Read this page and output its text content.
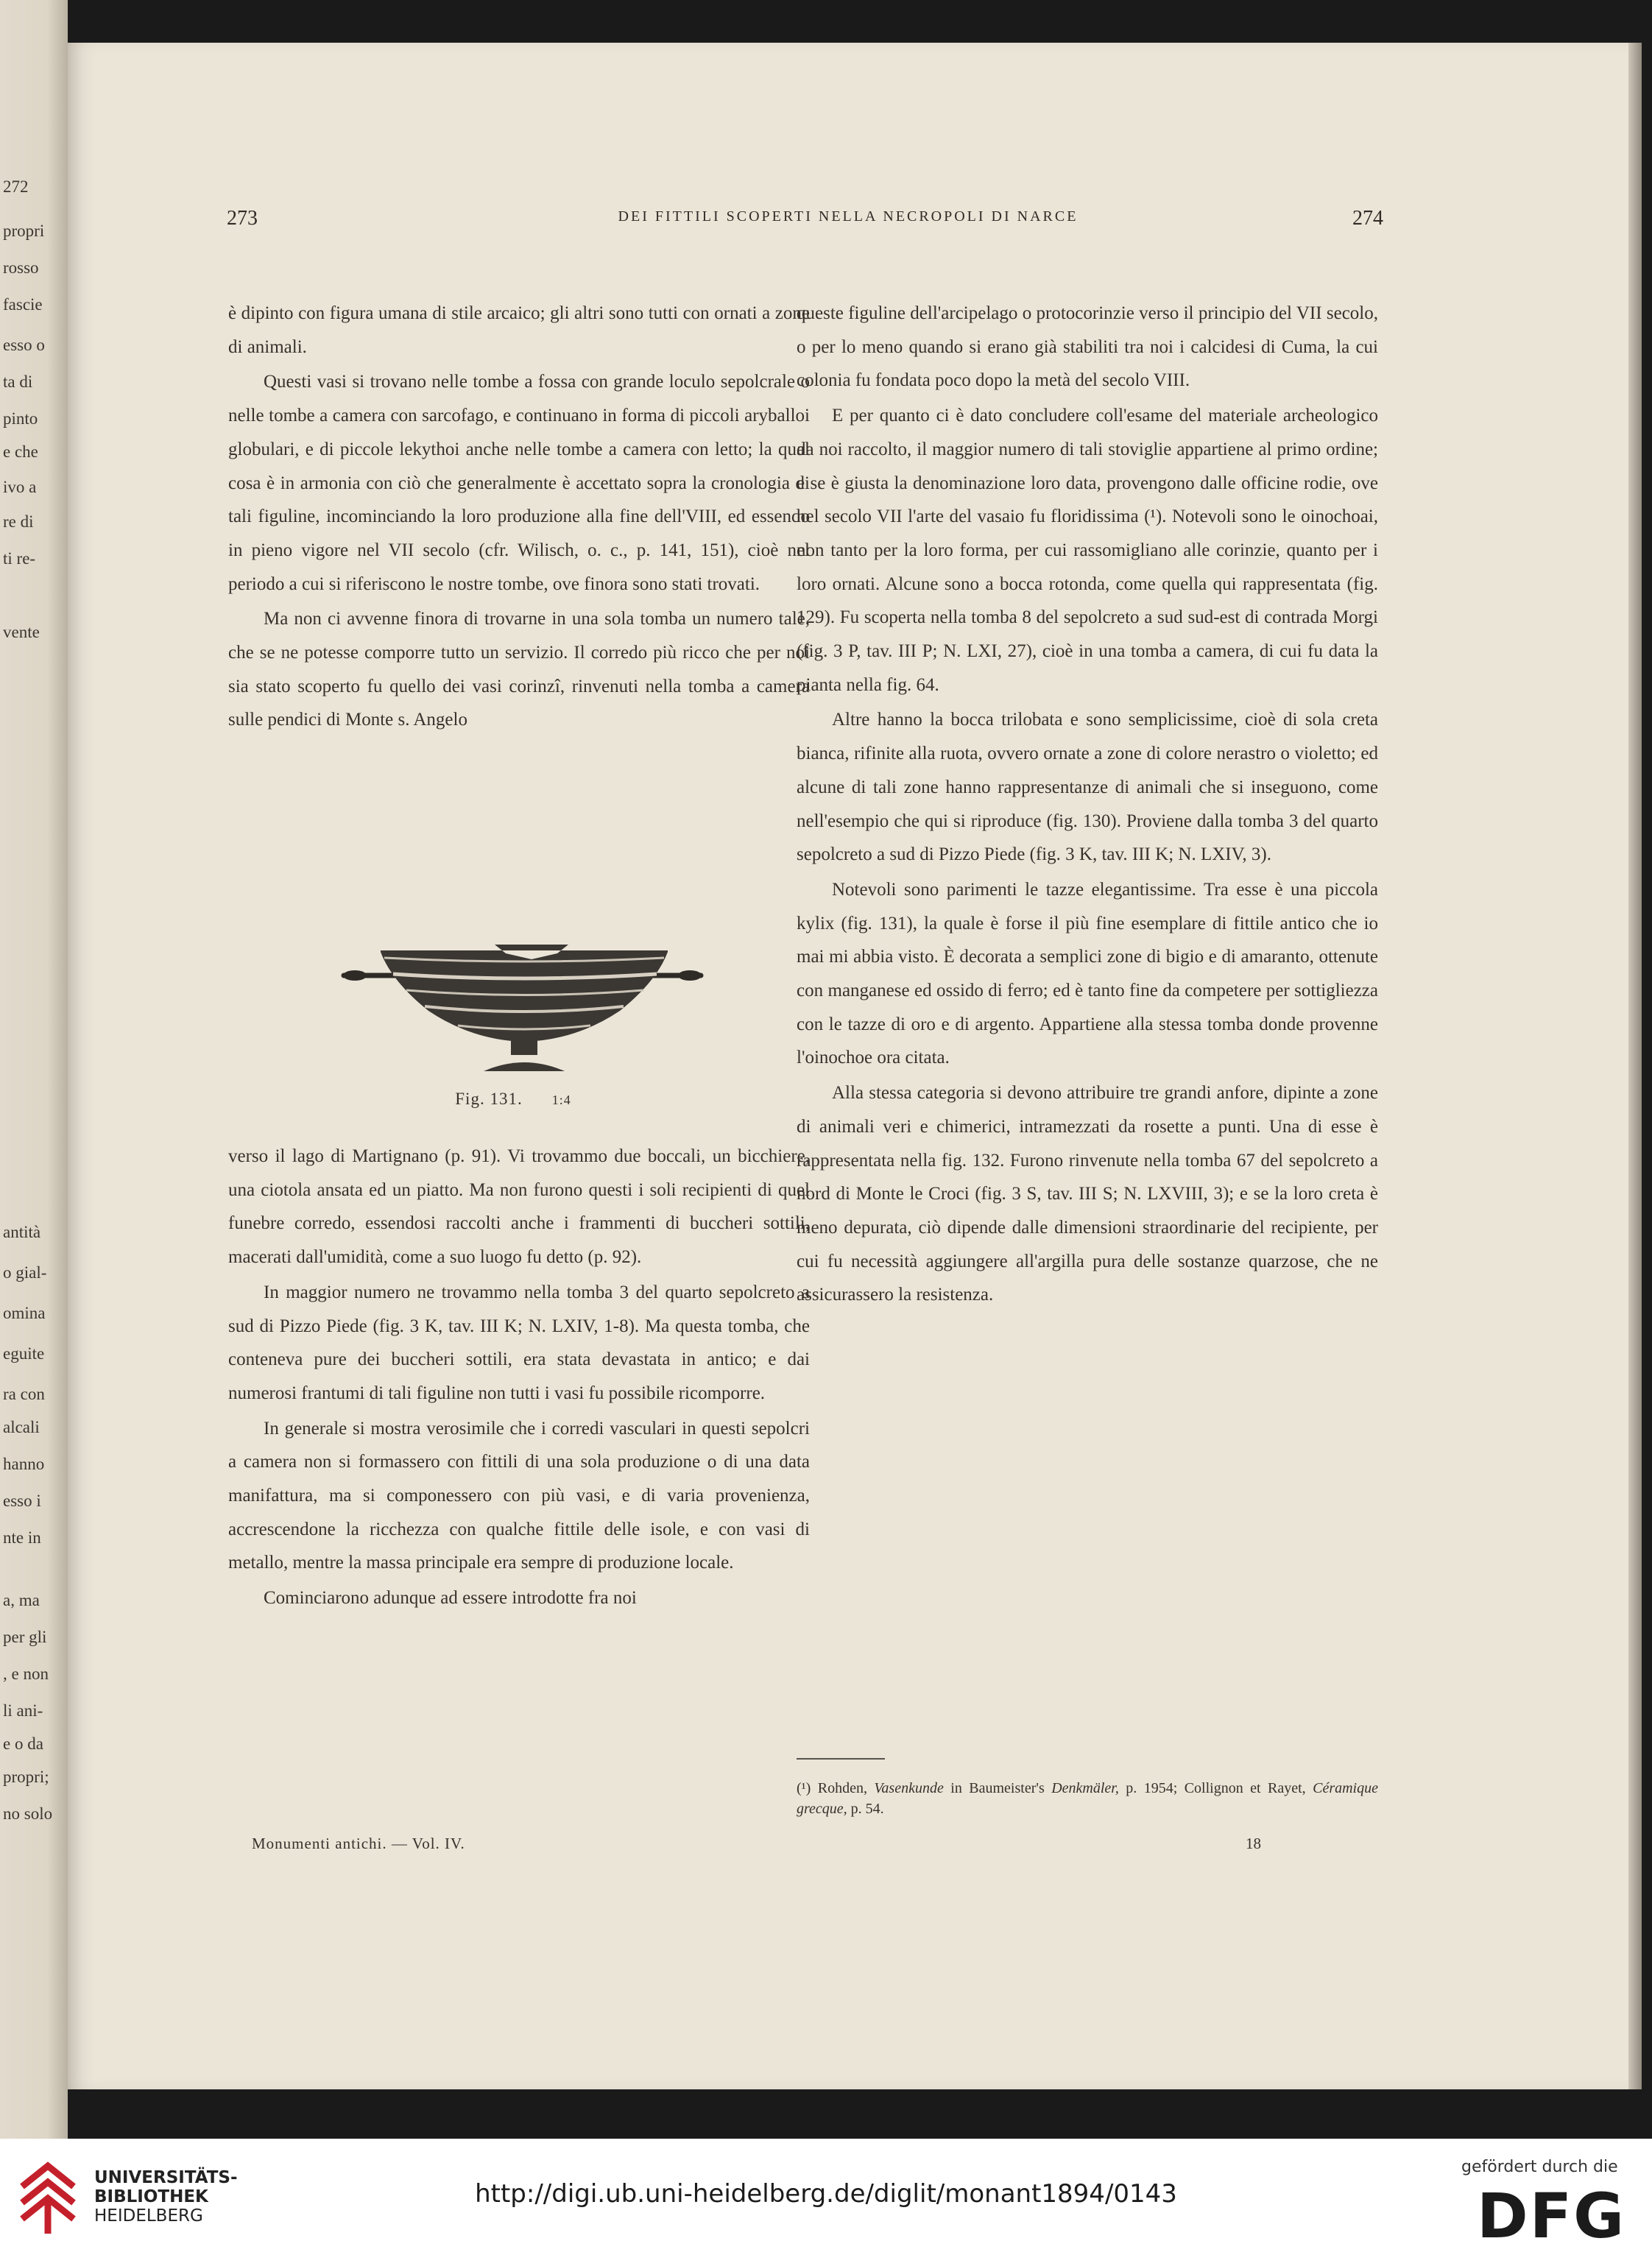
272
propri
rosso
fascie
esso o
ta di
pinto
e che
ivo a
re di
ti re-
vente
antità
o gial-
omina
eguite
ra con
alcali
hanno
esso i
nte in
a, ma
per gli
, e non
li ani-
e o da
propri;
no solo
273	DEI FITTILI SCOPERTI NELLA NECROPOLI DI NARCE	274

è dipinto con figura umana di stile arcaico; gli altri sono tutti con ornati a zone di animali.

Questi vasi si trovano nelle tombe a fossa con grande loculo sepolcrale o nelle tombe a camera con sarcofago, e continuano in forma di piccoli aryballoi globulari, e di piccole lekythoi anche nelle tombe a camera con letto; la qual cosa è in armonia con ciò che generalmente è accettato sopra la cronologia di tali figuline, incominciando la loro produzione alla fine dell'VIII, ed essendo in pieno vigore nel VII secolo (cfr. Wilisch, o. c., p. 141, 151), cioè nel periodo a cui si riferiscono le nostre tombe, ove finora sono stati trovati.

Ma non ci avvenne finora di trovarne in una sola tomba un numero tale, che se ne potesse comporre tutto un servizio. Il corredo più ricco che per noi sia stato scoperto fu quello dei vasi corinzî, rinvenuti nella tomba a camera sulle pendici di Monte s. Angelo

Fig. 131. 1:4

verso il lago di Martignano (p. 91). Vi trovammo due boccali, un bicchiere, una ciotola ansata ed un piatto. Ma non furono questi i soli recipienti di quel funebre corredo, essendosi raccolti anche i frammenti di buccheri sottili, macerati dall'umidità, come a suo luogo fu detto (p. 92).

In maggior numero ne trovammo nella tomba 3 del quarto sepolcreto a sud di Pizzo Piede (fig. 3 K, tav. III K; N. LXIV, 1-8). Ma questa tomba, che conteneva pure dei buccheri sottili, era stata devastata in antico; e dai numerosi frantumi di tali figuline non tutti i vasi fu possibile ricomporre.

In generale si mostra verosimile che i corredi vasculari in questi sepolcri a camera non si formassero con fittili di una sola produzione o di una data manifattura, ma si componessero con più vasi, e di varia provenienza, accrescendone la ricchezza con qualche fittile delle isole, e con vasi di metallo, mentre la massa principale era sempre di produzione locale.

Cominciarono adunque ad essere introdotte fra noi

queste figuline dell'arcipelago o protocorinzie verso il principio del VII secolo, o per lo meno quando si erano già stabiliti tra noi i calcidesi di Cuma, la cui colonia fu fondata poco dopo la metà del secolo VIII.

E per quanto ci è dato concludere coll'esame del materiale archeologico da noi raccolto, il maggior numero di tali stoviglie appartiene al primo ordine; e se è giusta la denominazione loro data, provengono dalle officine rodie, ove nel secolo VII l'arte del vasaio fu floridissima (¹). Notevoli sono le oinochoai, non tanto per la loro forma, per cui rassomigliano alle corinzie, quanto per i loro ornati. Alcune sono a bocca rotonda, come quella qui rappresentata (fig. 129). Fu scoperta nella tomba 8 del sepolcreto a sud sud-est di contrada Morgi (fig. 3 P, tav. III P; N. LXI, 27), cioè in una tomba a camera, di cui fu data la pianta nella fig. 64.

Altre hanno la bocca trilobata e sono semplicissime, cioè di sola creta bianca, rifinite alla ruota, ovvero ornate a zone di colore nerastro o violetto; ed alcune di tali zone hanno rappresentanze di animali che si inseguono, come nell'esempio che qui si riproduce (fig. 130). Proviene dalla tomba 3 del quarto sepolcreto a sud di Pizzo Piede (fig. 3 K, tav. III K; N. LXIV, 3).

Notevoli sono parimenti le tazze elegantissime. Tra esse è una piccola kylix (fig. 131), la quale è forse il più fine esemplare di fittile antico che io mai mi abbia visto. È decorata a semplici zone di bigio e di amaranto, ottenute con manganese ed ossido di ferro; ed è tanto fine da competere per sottigliezza con le tazze di oro e di argento. Appartiene alla stessa tomba donde provenne l'oinochoe ora citata.

Alla stessa categoria si devono attribuire tre grandi anfore, dipinte a zone di animali veri e chimerici, intramezzati da rosette a punti. Una di esse è rappresentata nella fig. 132. Furono rinvenute nella tomba 67 del sepolcreto a nord di Monte le Croci (fig. 3 S, tav. III S; N. LXVIII, 3); e se la loro creta è meno depurata, ciò dipende dalle dimensioni straordinarie del recipiente, per cui fu necessità aggiungere all'argilla pura delle sostanze quarzose, che ne assicurassero la resistenza.

(¹) Rohden, Vasenkunde in Baumeister's Denkmäler, p. 1954; Collignon et Rayet, Céramique grecque, p. 54.
Monumenti antichi. — Vol. IV.	18
UNIVERSITÄTS-
BIBLIOTHEK
HEIDELBERG
http://digi.ub.uni-heidelberg.de/diglit/monant1894/0143
gefördert durch die
DFG
